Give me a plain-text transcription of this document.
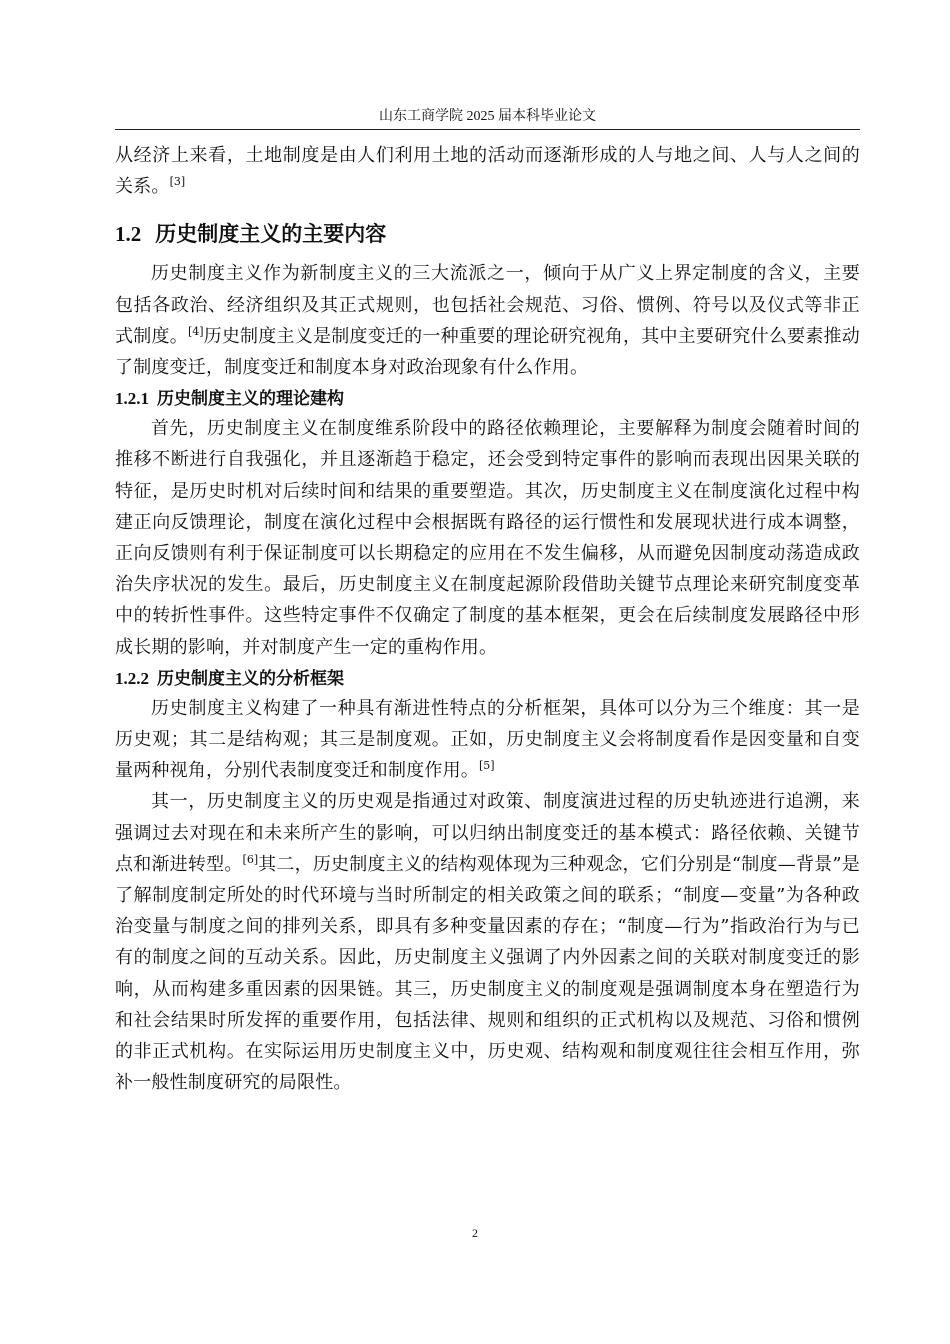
山东工商学院 2025 届本科毕业论文

从经济上来看，土地制度是由人们利用土地的活动而逐渐形成的人与地之间、人与人之间的关系。[3]

1.2 历史制度主义的主要内容

历史制度主义作为新制度主义的三大流派之一，倾向于从广义上界定制度的含义，主要包括各政治、经济组织及其正式规则，也包括社会规范、习俗、惯例、符号以及仪式等非正式制度。[4]历史制度主义是制度变迁的一种重要的理论研究视角，其中主要研究什么要素推动了制度变迁，制度变迁和制度本身对政治现象有什么作用。

1.2.1 历史制度主义的理论建构

首先，历史制度主义在制度维系阶段中的路径依赖理论，主要解释为制度会随着时间的推移不断进行自我强化，并且逐渐趋于稳定，还会受到特定事件的影响而表现出因果关联的特征，是历史时机对后续时间和结果的重要塑造。其次，历史制度主义在制度演化过程中构建正向反馈理论，制度在演化过程中会根据既有路径的运行惯性和发展现状进行成本调整，正向反馈则有利于保证制度可以长期稳定的应用在不发生偏移，从而避免因制度动荡造成政治失序状况的发生。最后，历史制度主义在制度起源阶段借助关键节点理论来研究制度变革中的转折性事件。这些特定事件不仅确定了制度的基本框架，更会在后续制度发展路径中形成长期的影响，并对制度产生一定的重构作用。

1.2.2 历史制度主义的分析框架

历史制度主义构建了一种具有渐进性特点的分析框架，具体可以分为三个维度：其一是历史观；其二是结构观；其三是制度观。正如，历史制度主义会将制度看作是因变量和自变量两种视角，分别代表制度变迁和制度作用。[5]

其一，历史制度主义的历史观是指通过对政策、制度演进过程的历史轨迹进行追溯，来强调过去对现在和未来所产生的影响，可以归纳出制度变迁的基本模式：路径依赖、关键节点和渐进转型。[6]其二，历史制度主义的结构观体现为三种观念，它们分别是“制度—背景”是了解制度制定所处的时代环境与当时所制定的相关政策之间的联系；“制度—变量”为各种政治变量与制度之间的排列关系，即具有多种变量因素的存在；“制度—行为”指政治行为与已有的制度之间的互动关系。因此，历史制度主义强调了内外因素之间的关联对制度变迁的影响，从而构建多重因素的因果链。其三，历史制度主义的制度观是强调制度本身在塑造行为和社会结果时所发挥的重要作用，包括法律、规则和组织的正式机构以及规范、习俗和惯例的非正式机构。在实际运用历史制度主义中，历史观、结构观和制度观往往会相互作用，弥补一般性制度研究的局限性。

2
